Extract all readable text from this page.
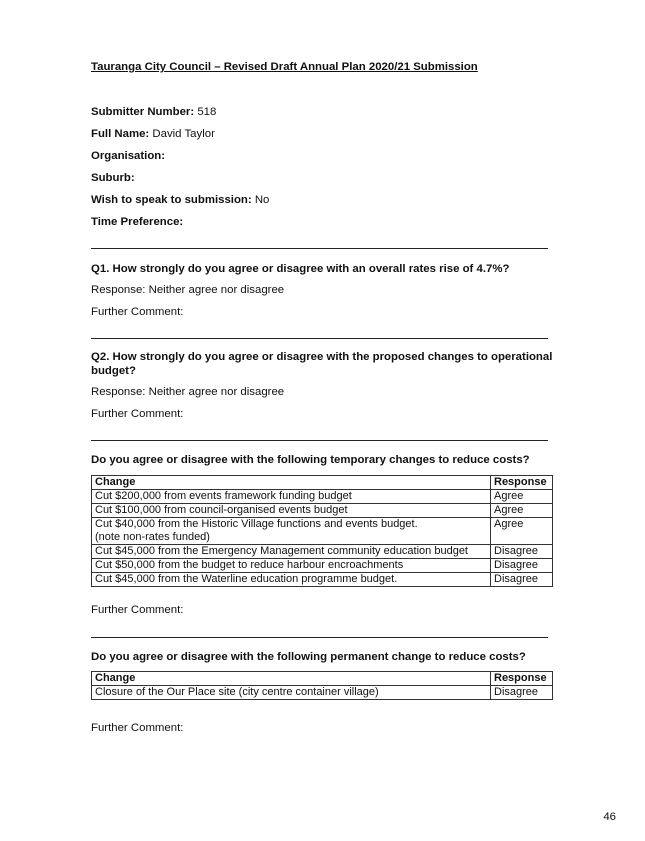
Tauranga City Council – Revised Draft Annual Plan 2020/21 Submission
Submitter Number: 518
Full Name: David Taylor
Organisation:
Suburb:
Wish to speak to submission: No
Time Preference:
Q1. How strongly do you agree or disagree with an overall rates rise of 4.7%?
Response: Neither agree nor disagree
Further Comment:
Q2. How strongly do you agree or disagree with the proposed changes to operational budget?
Response: Neither agree nor disagree
Further Comment:
Do you agree or disagree with the following temporary changes to reduce costs?
Change	Response
Cut $200,000 from events framework funding budget	Agree
Cut $100,000 from council-organised events budget	Agree

Cut $40,000 from the Historic Village functions and events budget.
(note non-rates funded)	Agree
Cut $45,000 from the Emergency Management community education budget	Disagree
Cut $50,000 from the budget to reduce harbour encroachments	Disagree
Cut $45,000 from the Waterline education programme budget.	Disagree
Further Comment:
Do you agree or disagree with the following permanent change to reduce costs?
Change	Response
Closure of the Our Place site (city centre container village)	Disagree
Further Comment:
46
